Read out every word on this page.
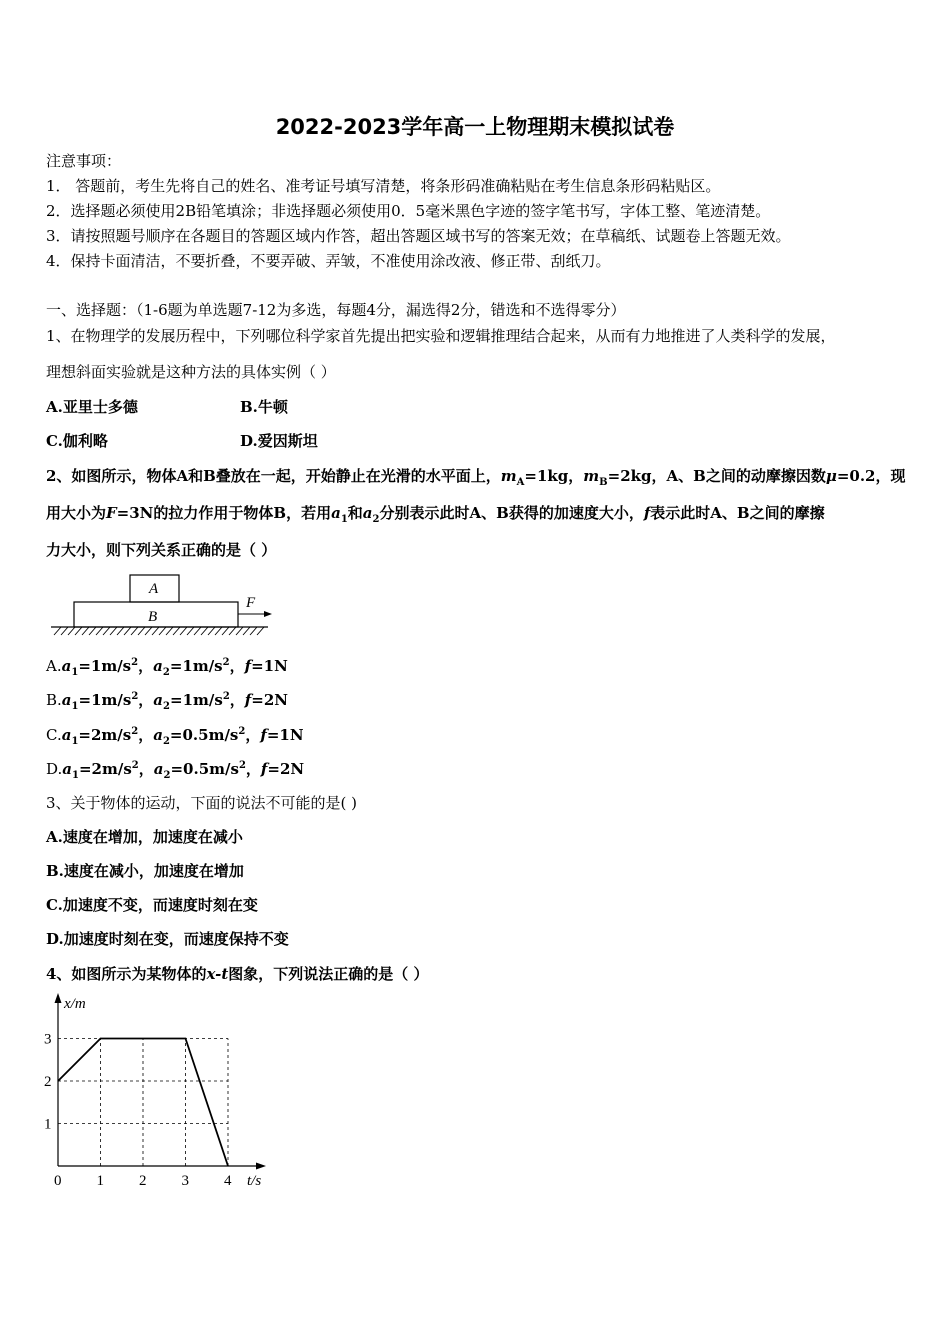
2022-2023学年高一上物理期末模拟试卷
注意事项：
1． 答题前，考生先将自己的姓名、准考证号填写清楚，将条形码准确粘贴在考生信息条形码粘贴区。
2．选择题必须使用2B铅笔填涂；非选择题必须使用0．5毫米黑色字迹的签字笔书写，字体工整、笔迹清楚。
3．请按照题号顺序在各题目的答题区域内作答，超出答题区域书写的答案无效；在草稿纸、试题卷上答题无效。
4．保持卡面清洁，不要折叠，不要弄破、弄皱，不准使用涂改液、修正带、刮纸刀。
一、选择题：（1-6题为单选题7-12为多选，每题4分，漏选得2分，错选和不选得零分）
1、在物理学的发展历程中，下列哪位科学家首先提出把实验和逻辑推理结合起来，从而有力地推进了人类科学的发展，
理想斜面实验就是这种方法的具体实例（ ）
A.亚里士多德	B.牛顿
C.伽利略	D.爱因斯坦
2、如图所示，物体A和B叠放在一起，开始静止在光滑的水平面上，$m_A=1kg$，$m_B=2kg$，A、B之间的动摩擦因数μ=0.2，现
用大小为F=3N的拉力作用于物体B，若用$a_1$和$a_2$分别表示此时A、B获得的加速度大小，f表示此时A、B之间的摩擦
力大小，则下列关系正确的是（ ）
A
B
F
$A.a_1=1m/s^2$，$a_2=1m/s^2$，f=1N
$B.a_1=1m/s^2$，$a_2=1m/s^2$，f=2N
$C.a_1=2m/s^2$，$a_2=0.5m/s^2$，f=1N
$D.a_1=2m/s^2$，$a_2=0.5m/s^2$，f=2N
3、关于物体的运动，下面的说法不可能的是( )
A.速度在增加，加速度在减小
B.速度在减小，加速度在增加
C.加速度不变，而速度时刻在变
D.加速度时刻在变，而速度保持不变
4、如图所示为某物体的x-t图象，下列说法正确的是（ ）
x/m
t/s
0 1 2 3 4
1
2
3
